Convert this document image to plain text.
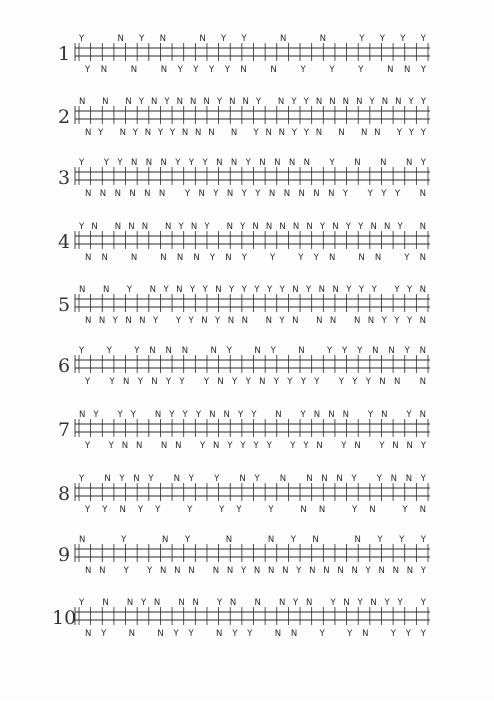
1
Y NYN NYY N N YYYY
YN N NYYYYN N Y Y Y NNY
2
N N NYNYNNNYNNY NYYNNNNYNNYY
NY NYNYYNNN N YNNYYN N NN YYY
3
Y YYNNNYYYNNYNNNN Y N N NY
NNNNNN YNYNYYNNNNNY YYY N
4
YN NNN NYNY NYNNNNNYNYYNNY N
NN N NNNYNY Y YYN NN YN
5
N N Y NYNYYNYYYYYNYNNYYY YYN
NNYNNY YYNYNN NYN NN NNYYYN
6
Y Y YNNN NY NY N YYYNNYN
Y YNYNYY YNYYNYYYY YYYNN N
7
NY YY NYYYNNYY N YNNN YN YN
Y YNN NN YNYYYY YYN YN YNNY
8
Y NYNY NY Y NY N NNNY YNNY
YYNYY Y YY Y NN YN YN
9
N Y NY N NYN NYYY
NN Y YNNN NNYNNNYNNNNYNNNY
10
Y N NYN NN YN N NYN YNYNYY Y
NY N NYY NYY NN Y YN YYY
